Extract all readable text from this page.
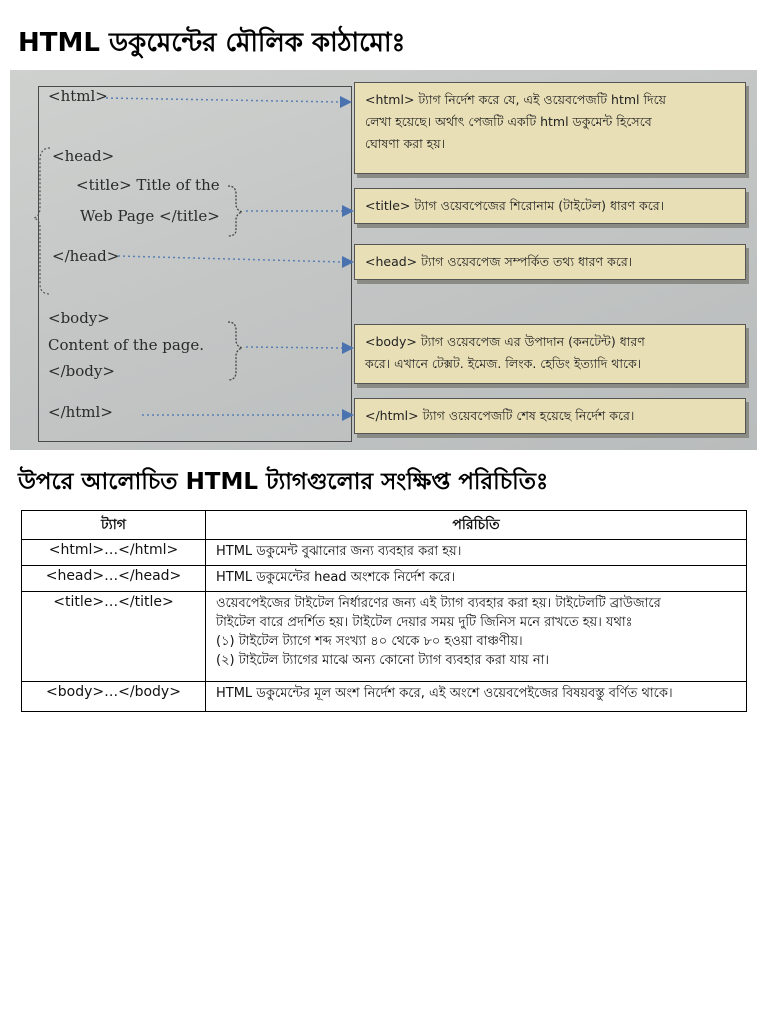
HTML ডকুমেন্টের মৌলিক কাঠামোঃ
<html>
<head>
<title> Title of the
Web Page </title>
</head>
<body>
Content of the page.
</body>
</html>
<html> ট্যাগ নির্দেশ করে যে, এই ওয়েবপেজটি html দিয়ে
লেখা হয়েছে। অর্থাৎ পেজটি একটি html ডকুমেন্ট হিসেবে
ঘোষণা করা হয়।
<title> ট্যাগ ওয়েবপেজের শিরোনাম (টাইটেল) ধারণ করে।
<head> ট্যাগ ওয়েবপেজ সম্পর্কিত তথ্য ধারণ করে।
<body> ট্যাগ ওয়েবপেজ এর উপাদান (কনটেন্ট) ধারণ
করে। এখানে টেক্সট. ইমেজ. লিংক. হেডিং ইত্যাদি থাকে।
</html> ট্যাগ ওয়েবপেজটি শেষ হয়েছে নির্দেশ করে।
উপরে আলোচিত HTML ট্যাগগুলোর সংক্ষিপ্ত পরিচিতিঃ
ট্যাগ	পরিচিতি
<html>…</html>	HTML ডকুমেন্ট বুঝানোর জন্য ব্যবহার করা হয়।

<head>…</head>	HTML ডকুমেন্টের head অংশকে নির্দেশ করে।

<title>…</title>	ওয়েবপেইজের টাইটেল নির্ধারণের জন্য এই ট্যাগ ব্যবহার করা হয়। টাইটেলটি ব্রাউজারে
টাইটেল বারে প্রদর্শিত হয়। টাইটেল দেয়ার সময় দুটি জিনিস মনে রাখতে হয়। যথাঃ
(১) টাইটেল ট্যাগে শব্দ সংখ্যা ৪০ থেকে ৮০ হওয়া বাঞ্চণীয়।
(২) টাইটেল ট্যাগের মাঝে অন্য কোনো ট্যাগ ব্যবহার করা যায় না।

<body>…</body>	HTML ডকুমেন্টের মূল অংশ নির্দেশ করে, এই অংশে ওয়েবপেইজের বিষয়বস্তু বর্ণিত থাকে।
